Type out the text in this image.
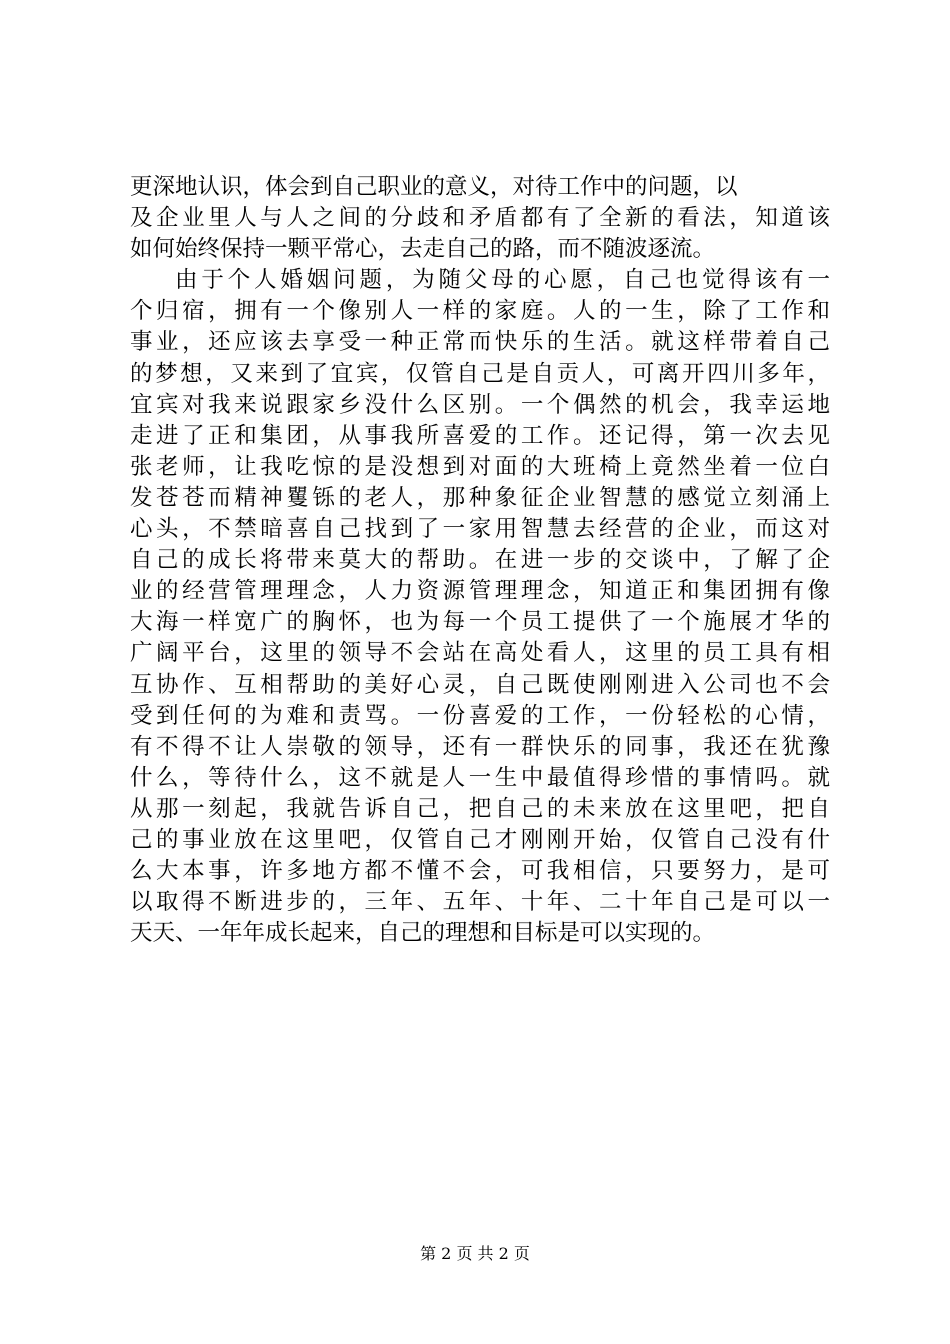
更深地认识，体会到自己职业的意义，对待工作中的问题，以
及企业里人与人之间的分歧和矛盾都有了全新的看法，知道该
如何始终保持一颗平常心，去走自己的路，而不随波逐流。
由于个人婚姻问题，为随父母的心愿，自己也觉得该有一
个归宿，拥有一个像别人一样的家庭。人的一生，除了工作和
事业，还应该去享受一种正常而快乐的生活。就这样带着自己
的梦想，又来到了宜宾，仅管自己是自贡人，可离开四川多年，
宜宾对我来说跟家乡没什么区别。一个偶然的机会，我幸运地
走进了正和集团，从事我所喜爱的工作。还记得，第一次去见
张老师，让我吃惊的是没想到对面的大班椅上竟然坐着一位白
发苍苍而精神矍铄的老人，那种象征企业智慧的感觉立刻涌上
心头，不禁暗喜自己找到了一家用智慧去经营的企业，而这对
自己的成长将带来莫大的帮助。在进一步的交谈中，了解了企
业的经营管理理念，人力资源管理理念，知道正和集团拥有像
大海一样宽广的胸怀，也为每一个员工提供了一个施展才华的
广阔平台，这里的领导不会站在高处看人，这里的员工具有相
互协作、互相帮助的美好心灵，自己既使刚刚进入公司也不会
受到任何的为难和责骂。一份喜爱的工作，一份轻松的心情，
有不得不让人崇敬的领导，还有一群快乐的同事，我还在犹豫
什么，等待什么，这不就是人一生中最值得珍惜的事情吗。就
从那一刻起，我就告诉自己，把自己的未来放在这里吧，把自
己的事业放在这里吧，仅管自己才刚刚开始，仅管自己没有什
么大本事，许多地方都不懂不会，可我相信，只要努力，是可
以取得不断进步的，三年、五年、十年、二十年自己是可以一
天天、一年年成长起来，自己的理想和目标是可以实现的。
第 2 页 共 2 页
